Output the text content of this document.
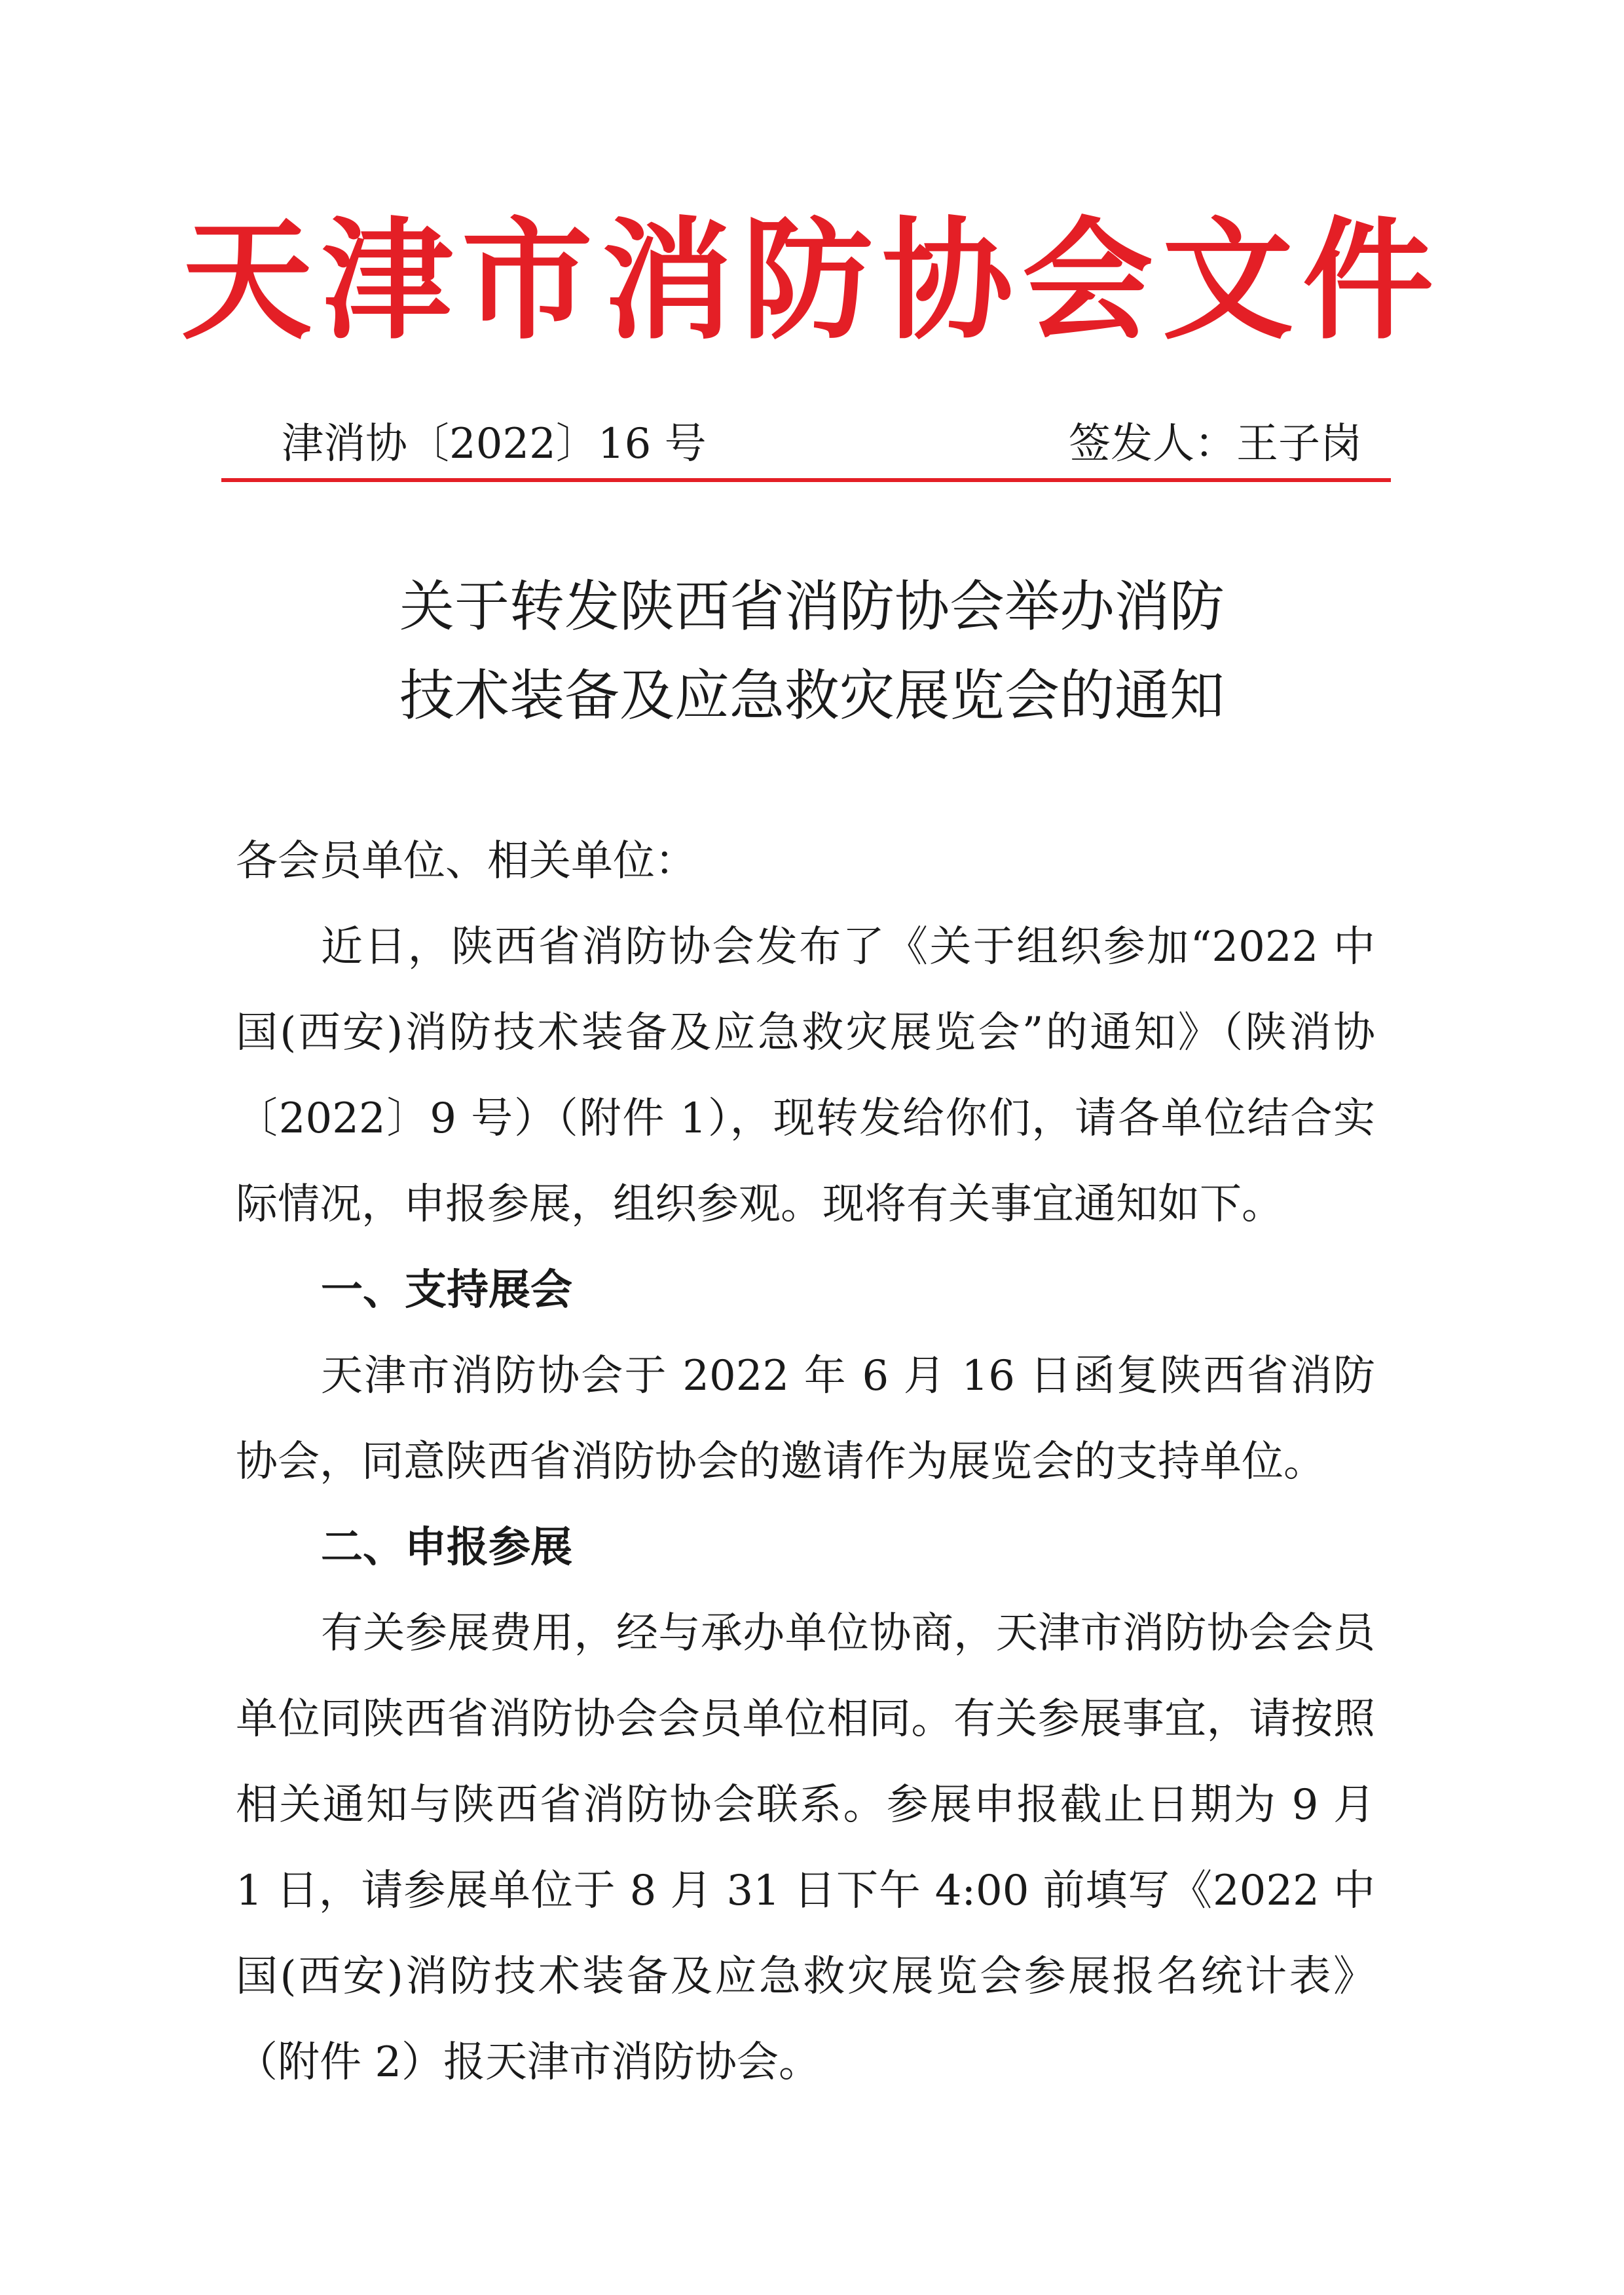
天津市消防协会文件
津消协〔2022〕16 号	签发人：王子岗
关于转发陕西省消防协会举办消防
技术装备及应急救灾展览会的通知

各会员单位、相关单位：

近日，陕西省消防协会发布了《关于组织参加“2022 中国(西安)消防技术装备及应急救灾展览会”的通知》（陕消协〔2022〕9 号）（附件 1），现转发给你们，请各单位结合实际情况，申报参展，组织参观。现将有关事宜通知如下。

一、支持展会

天津市消防协会于 2022 年 6 月 16 日函复陕西省消防协会，同意陕西省消防协会的邀请作为展览会的支持单位。

二、申报参展

有关参展费用，经与承办单位协商，天津市消防协会会员单位同陕西省消防协会会员单位相同。有关参展事宜，请按照相关通知与陕西省消防协会联系。参展申报截止日期为 9 月 1 日，请参展单位于 8 月 31 日下午 4:00 前填写《2022 中国(西安)消防技术装备及应急救灾展览会参展报名统计表》（附件 2）报天津市消防协会。
